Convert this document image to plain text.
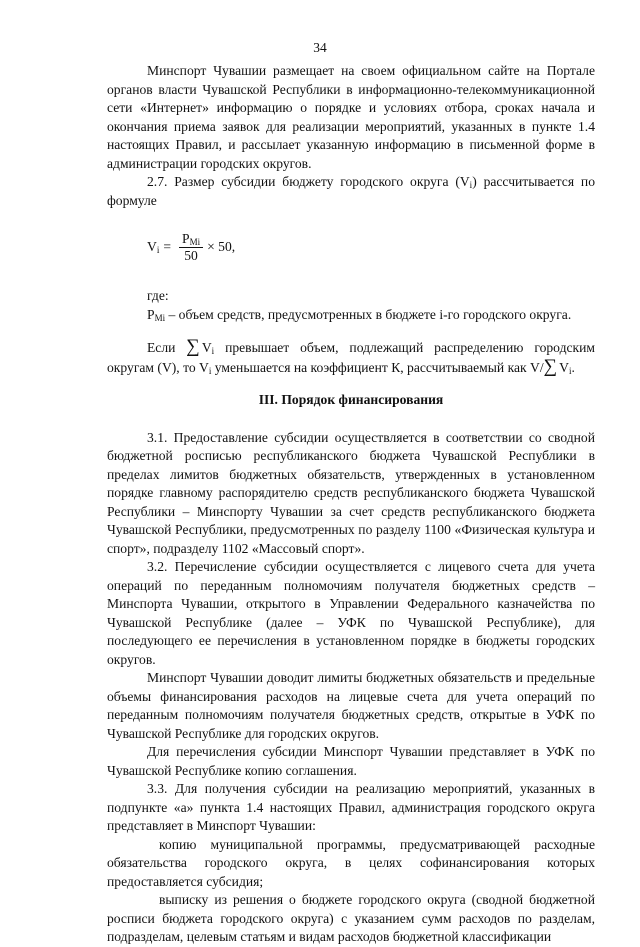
34

Минспорт Чувашии размещает на своем официальном сайте на Портале органов власти Чувашской Республики в информационно-телекоммуникационной сети «Интернет» информацию о порядке и условиях отбора, сроках начала и окончания приема заявок для реализации мероприятий, указанных в пункте 1.4 настоящих Правил, и рассылает указанную информацию в письменной форме в администрации городских округов.

2.7. Размер субсидии бюджету городского округа $(V_i)$ рассчитывается по формуле

$V_i = \frac{P_{Mi}}{50} \times 50$,

где:

$P_{Mi}$ – объем средств, предусмотренных в бюджете i-го городского округа.

Если ∑ $V_i$ превышает объем, подлежащий распределению городским округам (V), то $V_i$ уменьшается на коэффициент К, рассчитываемый как V/∑ $V_i$.

III. Порядок финансирования

3.1. Предоставление субсидии осуществляется в соответствии со сводной бюджетной росписью республиканского бюджета Чувашской Республики в пределах лимитов бюджетных обязательств, утвержденных в установленном порядке главному распорядителю средств республиканского бюджета Чувашской Республики – Минспорту Чувашии за счет средств республиканского бюджета Чувашской Республики, предусмотренных по разделу 1100 «Физическая культура и спорт», подразделу 1102 «Массовый спорт».

3.2. Перечисление субсидии осуществляется с лицевого счета для учета операций по переданным полномочиям получателя бюджетных средств – Минспорта Чувашии, открытого в Управлении Федерального казначейства по Чувашской Республике (далее – УФК по Чувашской Республике), для последующего ее перечисления в установленном порядке в бюджеты городских округов.

Минспорт Чувашии доводит лимиты бюджетных обязательств и предельные объемы финансирования расходов на лицевые счета для учета операций по переданным полномочиям получателя бюджетных средств, открытые в УФК по Чувашской Республике для городских округов.

Для перечисления субсидии Минспорт Чувашии представляет в УФК по Чувашской Республике копию соглашения.

3.3. Для получения субсидии на реализацию мероприятий, указанных в подпункте «а» пункта 1.4 настоящих Правил, администрация городского округа представляет в Минспорт Чувашии:

копию муниципальной программы, предусматривающей расходные обязательства городского округа, в целях софинансирования которых предоставляется субсидия;

выписку из решения о бюджете городского округа (сводной бюджетной росписи бюджета городского округа) с указанием сумм расходов по разделам, подразделам, целевым статьям и видам расходов бюджетной классификации
